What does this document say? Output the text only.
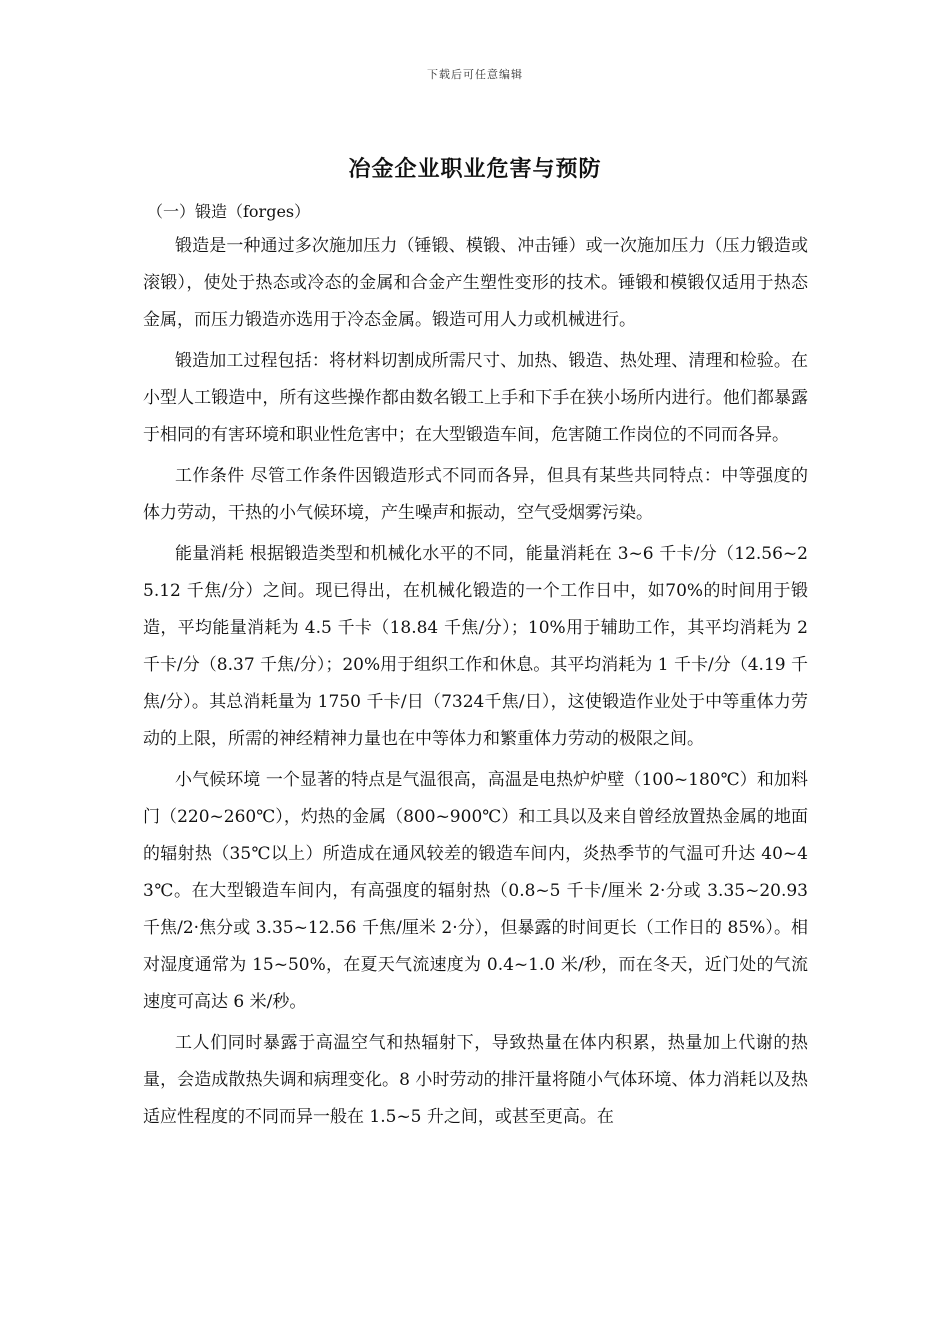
下载后可任意编辑
冶金企业职业危害与预防

（一）锻造（forges）

锻造是一种通过多次施加压力（锤锻、模锻、冲击锤）或一次施加压力（压力锻造或滚锻），使处于热态或冷态的金属和合金产生塑性变形的技术。锤锻和模锻仅适用于热态金属，而压力锻造亦选用于冷态金属。锻造可用人力或机械进行。

锻造加工过程包括：将材料切割成所需尺寸、加热、锻造、热处理、清理和检验。在小型人工锻造中，所有这些操作都由数名锻工上手和下手在狭小场所内进行。他们都暴露于相同的有害环境和职业性危害中；在大型锻造车间，危害随工作岗位的不同而各异。

工作条件 尽管工作条件因锻造形式不同而各异，但具有某些共同特点：中等强度的体力劳动，干热的小气候环境，产生噪声和振动，空气受烟雾污染。

能量消耗 根据锻造类型和机械化水平的不同，能量消耗在 3~6 千卡/分（12.56~25.12 千焦/分）之间。现已得出，在机械化锻造的一个工作日中，如70%的时间用于锻造，平均能量消耗为 4.5 千卡（18.84 千焦/分）；10%用于辅助工作，其平均消耗为 2 千卡/分（8.37 千焦/分）；20%用于组织工作和休息。其平均消耗为 1 千卡/分（4.19 千焦/分）。其总消耗量为 1750 千卡/日（7324千焦/日），这使锻造作业处于中等重体力劳动的上限，所需的神经精神力量也在中等体力和繁重体力劳动的极限之间。

小气候环境 一个显著的特点是气温很高，高温是电热炉炉壁（100~180℃）和加料门（220~260℃），灼热的金属（800~900℃）和工具以及来自曾经放置热金属的地面的辐射热（35℃以上）所造成在通风较差的锻造车间内，炎热季节的气温可升达 40~43℃。在大型锻造车间内，有高强度的辐射热（0.8~5 千卡/厘米 2·分或 3.35~20.93 千焦/2·焦分或 3.35~12.56 千焦/厘米 2·分），但暴露的时间更长（工作日的 85%）。相对湿度通常为 15~50%，在夏天气流速度为 0.4~1.0 米/秒，而在冬天，近门处的气流速度可高达 6 米/秒。

工人们同时暴露于高温空气和热辐射下，导致热量在体内积累，热量加上代谢的热量，会造成散热失调和病理变化。8 小时劳动的排汗量将随小气体环境、体力消耗以及热适应性程度的不同而异一般在 1.5~5 升之间，或甚至更高。在
